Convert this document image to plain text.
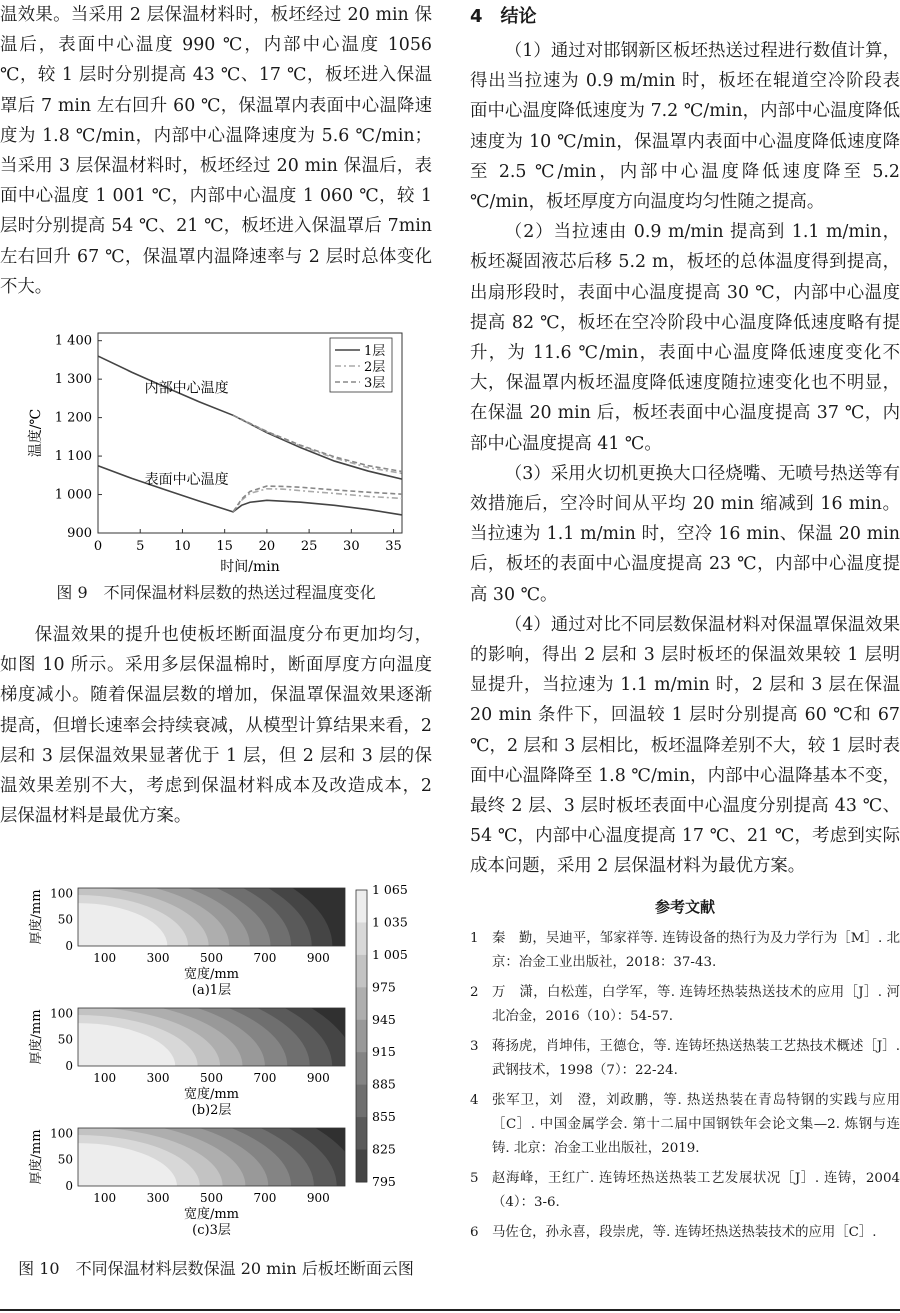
温效果。当采用 2 层保温材料时，板坯经过 20 min 保温后，表面中心温度 990 ℃，内部中心温度 1056 ℃，较 1 层时分别提高 43 ℃、17 ℃，板坯进入保温罩后 7 min 左右回升 60 ℃，保温罩内表面中心温降速度为 1.8 ℃/min，内部中心温降速度为 5.6 ℃/min；当采用 3 层保温材料时，板坯经过 20 min 保温后，表面中心温度 1 001 ℃，内部中心温度 1 060 ℃，较 1 层时分别提高 54 ℃、21 ℃，板坯进入保温罩后 7min 左右回升 67 ℃，保温罩内温降速率与 2 层时总体变化不大。

0	5 10 15 20 25 30 35
900
1 000
1 100
1 200
1 300
1 400
时间/min
温度/℃
内部中心温度
表面中心温度
1层
2层
3层
图 9　不同保温材料层数的热送过程温度变化

保温效果的提升也使板坯断面温度分布更加均匀，如图 10 所示。采用多层保温棉时，断面厚度方向温度梯度减小。随着保温层数的增加，保温罩保温效果逐渐提高，但增长速率会持续衰减，从模型计算结果来看，2 层和 3 层保温效果显著优于 1 层，但 2 层和 3 层的保温效果差别不大，考虑到保温材料成本及改造成本，2 层保温材料是最优方案。

0
50
100
100	300	500	700	900
宽度/mm
(a)1层
厚度/mm
0
50
100
100	300	500	700	900
宽度/mm
(b)2层
厚度/mm
0
50
100
100	300	500	700	900
宽度/mm
(c)3层
厚度/mm
1 065
1 035
1 005
975
945
915
885
855
825
795
图 10　不同保温材料层数保温 20 min 后板坯断面云图
4　结论

（1）通过对邯钢新区板坯热送过程进行数值计算，得出当拉速为 0.9 m/min 时，板坯在辊道空冷阶段表面中心温度降低速度为 7.2 ℃/min，内部中心温度降低速度为 10 ℃/min，保温罩内表面中心温度降低速度降至 2.5 ℃/min，内部中心温度降低速度降至 5.2 ℃/min，板坯厚度方向温度均匀性随之提高。

（2）当拉速由 0.9 m/min 提高到 1.1 m/min，板坯凝固液芯后移 5.2 m，板坯的总体温度得到提高，出扇形段时，表面中心温度提高 30 ℃，内部中心温度提高 82 ℃，板坯在空冷阶段中心温度降低速度略有提升，为 11.6 ℃/min，表面中心温度降低速度变化不大，保温罩内板坯温度降低速度随拉速变化也不明显，在保温 20 min 后，板坯表面中心温度提高 37 ℃，内部中心温度提高 41 ℃。

（3）采用火切机更换大口径烧嘴、无喷号热送等有效措施后，空冷时间从平均 20 min 缩减到 16 min。当拉速为 1.1 m/min 时，空冷 16 min、保温 20 min 后，板坯的表面中心温度提高 23 ℃，内部中心温度提高 30 ℃。

（4）通过对比不同层数保温材料对保温罩保温效果的影响，得出 2 层和 3 层时板坯的保温效果较 1 层明显提升，当拉速为 1.1 m/min 时，2 层和 3 层在保温 20 min 条件下，回温较 1 层时分别提高 60 ℃和 67 ℃，2 层和 3 层相比，板坯温降差别不大，较 1 层时表面中心温降降至 1.8 ℃/min，内部中心温降基本不变，最终 2 层、3 层时板坯表面中心温度分别提高 43 ℃、54 ℃，内部中心温度提高 17 ℃、21 ℃，考虑到实际成本问题，采用 2 层保温材料为最优方案。

参考文献
1	秦　勤，吴迪平，邹家祥等. 连铸设备的热行为及力学行为［M］. 北京：冶金工业出版社，2018：37-43.
2	万　潇，白松莲，白学军，等. 连铸坯热装热送技术的应用［J］. 河北冶金，2016（10）：54-57.
3	蒋扬虎，肖坤伟，王德仓，等. 连铸坯热送热装工艺热技术概述［J］. 武钢技术，1998（7）：22-24.
4	张军卫，刘　澄，刘政鹏，等. 热送热装在青岛特钢的实践与应用［C］. 中国金属学会. 第十二届中国钢铁年会论文集—2. 炼钢与连铸. 北京：冶金工业出版社，2019.
5	赵海峰，王红广. 连铸坯热送热装工艺发展状况［J］. 连铸，2004（4）：3-6.
6	马佐仓，孙永喜，段崇虎，等. 连铸坯热送热装技术的应用［C］.
